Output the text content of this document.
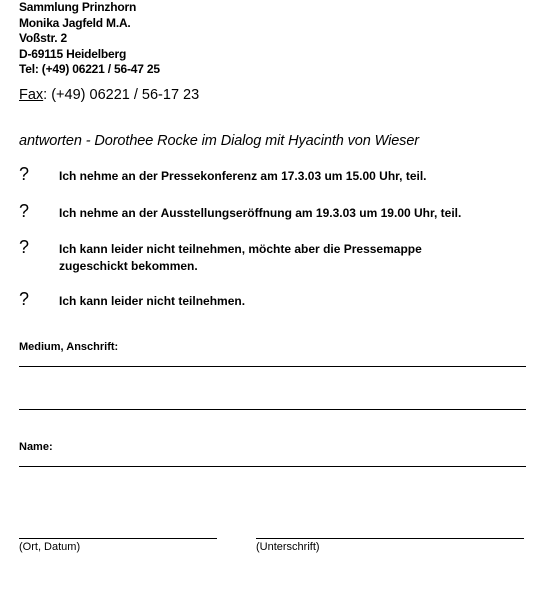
Sammlung Prinzhorn
Monika Jagfeld M.A.
Voßstr. 2
D-69115 Heidelberg
Tel: (+49) 06221 / 56-47 25
Fax: (+49) 06221 / 56-17 23
antworten - Dorothee Rocke im Dialog mit Hyacinth von Wieser
? Ich nehme an der Pressekonferenz am 17.3.03 um 15.00 Uhr, teil.
? Ich nehme an der Ausstellungseröffnung am 19.3.03 um 19.00 Uhr, teil.
? Ich kann leider nicht teilnehmen, möchte aber die Pressemappe zugeschickt bekommen.
? Ich kann leider nicht teilnehmen.
Medium, Anschrift:
Name:
(Ort, Datum)	(Unterschrift)
